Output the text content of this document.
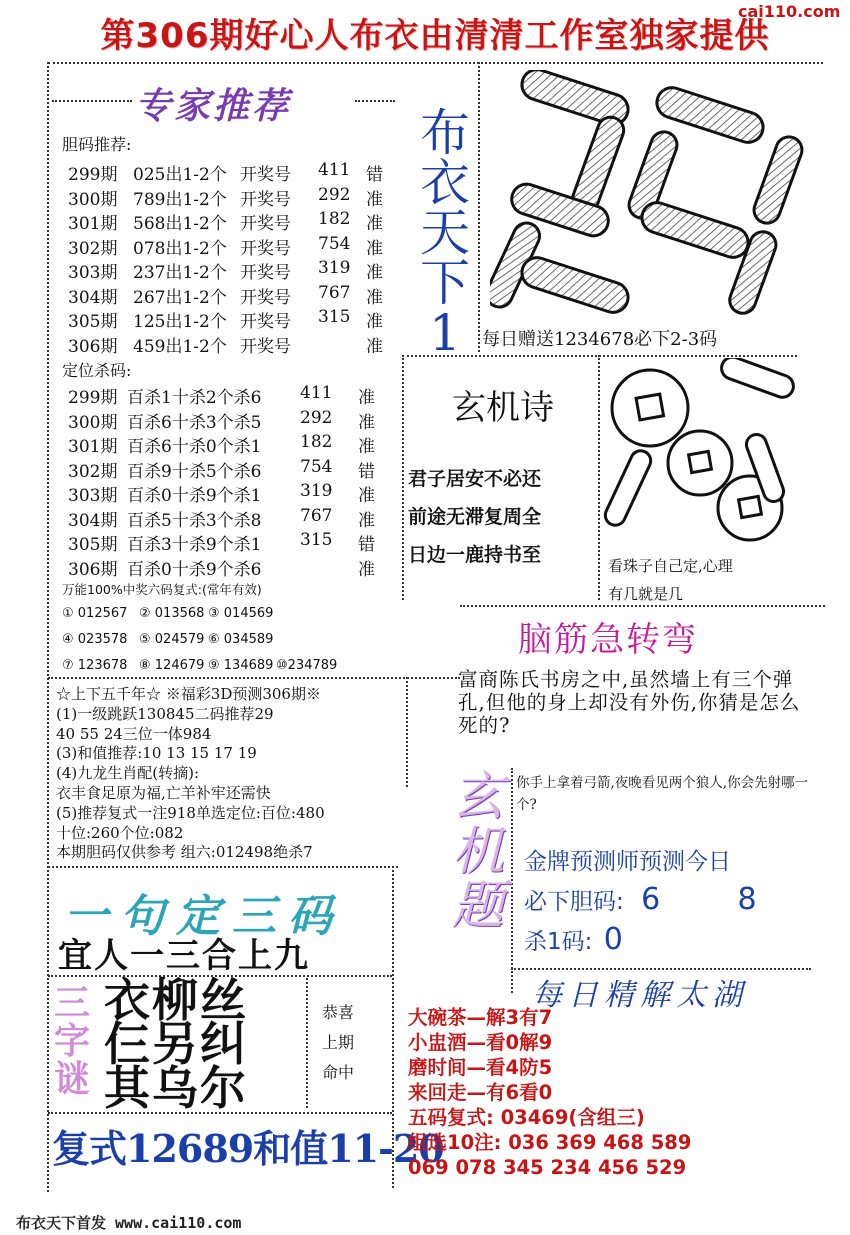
第306期好心人布衣由清清工作室独家提供
cai110.com
专家推荐
胆码推荐:
299期 025出1-2个 开奖号 411 错
300期 789出1-2个 开奖号 292 准
301期 568出1-2个 开奖号 182 准
302期 078出1-2个 开奖号 754 准
303期 237出1-2个 开奖号 319 准
304期 267出1-2个 开奖号 767 准
305期 125出1-2个 开奖号 315 准
306期 459出1-2个 开奖号	准
定位杀码:
299期 百杀1十杀2个杀6 411 准
300期 百杀6十杀3个杀5 292 准
301期 百杀6十杀0个杀1 182 准
302期 百杀9十杀5个杀6 754 错
303期 百杀0十杀9个杀1 319 准
304期 百杀5十杀3个杀8 767 准
305期 百杀3十杀9个杀1 315 错
306期 百杀0十杀9个杀6	准
万能100%中奖六码复式:(常年有效)
① 012567 ② 013568 ③ 014569
④ 023578 ⑤ 024579 ⑥ 034589
⑦ 123678 ⑧ 124679 ⑨ 134689 ⑩234789
☆上下五千年☆ ※福彩3D预测306期※
(1)一级跳跃130845二码推荐29
40 55 24三位一体984
(3)和值推荐:10 13 15 17 19
(4)九龙生肖配(转摘):
衣丰食足原为福,亡羊补牢还需快
(5)推荐复式一注918单选定位:百位:480
十位:260个位:082
本期胆码仅供参考 组六:012498绝杀7
一句定三码
宜人一三合上九
三
字
谜
衣柳丝
仨另纠
其乌尔
恭喜
上期
命中
复式12689和值11-20
布衣天下首发 www.cai110.com
布
衣
天
下
1 每日赠送1234678必下2-3码
玄机诗
君子居安不必还
前途无滞复周全
日边一鹿持书至	看珠子自己定,心理
有几就是几
脑筋急转弯
富商陈氏书房之中,虽然墙上有三个弹孔,但他的身上却没有外伤,你猜是怎么死的?
玄
机
题
你手上拿着弓箭,夜晚看见两个狼人,你会先射哪一个?
金牌预测师预测今日
必下胆码: 6	8
杀1码: 0
每日精解太湖
大碗茶—解3有7
小盅酒—看0解9
磨时间—看4防5
来回走—有6看0
五码复式: 03469(含组三)
组选10注: 036 369 468 589
069 078 345 234 456 529
